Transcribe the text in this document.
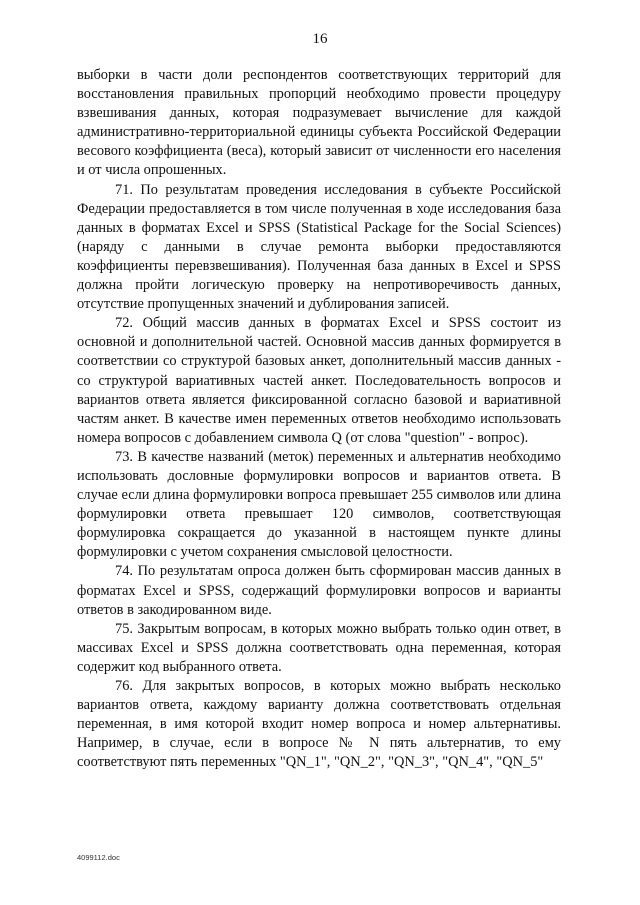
16

выборки в части доли респондентов соответствующих территорий для восстановления правильных пропорций необходимо провести процедуру взвешивания данных, которая подразумевает вычисление для каждой административно-территориальной единицы субъекта Российской Федерации весового коэффициента (веса), который зависит от численности его населения и от числа опрошенных.

71. По результатам проведения исследования в субъекте Российской Федерации предоставляется в том числе полученная в ходе исследования база данных в форматах Excel и SPSS (Statistical Package for the Social Sciences) (наряду с данными в случае ремонта выборки предоставляются коэффициенты перевзвешивания). Полученная база данных в Excel и SPSS должна пройти логическую проверку на непротиворечивость данных, отсутствие пропущенных значений и дублирования записей.

72. Общий массив данных в форматах Excel и SPSS состоит из основной и дополнительной частей. Основной массив данных формируется в соответствии со структурой базовых анкет, дополнительный массив данных - со структурой вариативных частей анкет. Последовательность вопросов и вариантов ответа является фиксированной согласно базовой и вариативной частям анкет. В качестве имен переменных ответов необходимо использовать номера вопросов с добавлением символа Q (от слова "question" - вопрос).

73. В качестве названий (меток) переменных и альтернатив необходимо использовать дословные формулировки вопросов и вариантов ответа. В случае если длина формулировки вопроса превышает 255 символов или длина формулировки ответа превышает 120 символов, соответствующая формулировка сокращается до указанной в настоящем пункте длины формулировки с учетом сохранения смысловой целостности.

74. По результатам опроса должен быть сформирован массив данных в форматах Excel и SPSS, содержащий формулировки вопросов и варианты ответов в закодированном виде.

75. Закрытым вопросам, в которых можно выбрать только один ответ, в массивах Excel и SPSS должна соответствовать одна переменная, которая содержит код выбранного ответа.

76. Для закрытых вопросов, в которых можно выбрать несколько вариантов ответа, каждому варианту должна соответствовать отдельная переменная, в имя которой входит номер вопроса и номер альтернативы. Например, в случае, если в вопросе № N пять альтернатив, то ему соответствуют пять переменных "QN_1", "QN_2", "QN_3", "QN_4", "QN_5"

4099112.doc
